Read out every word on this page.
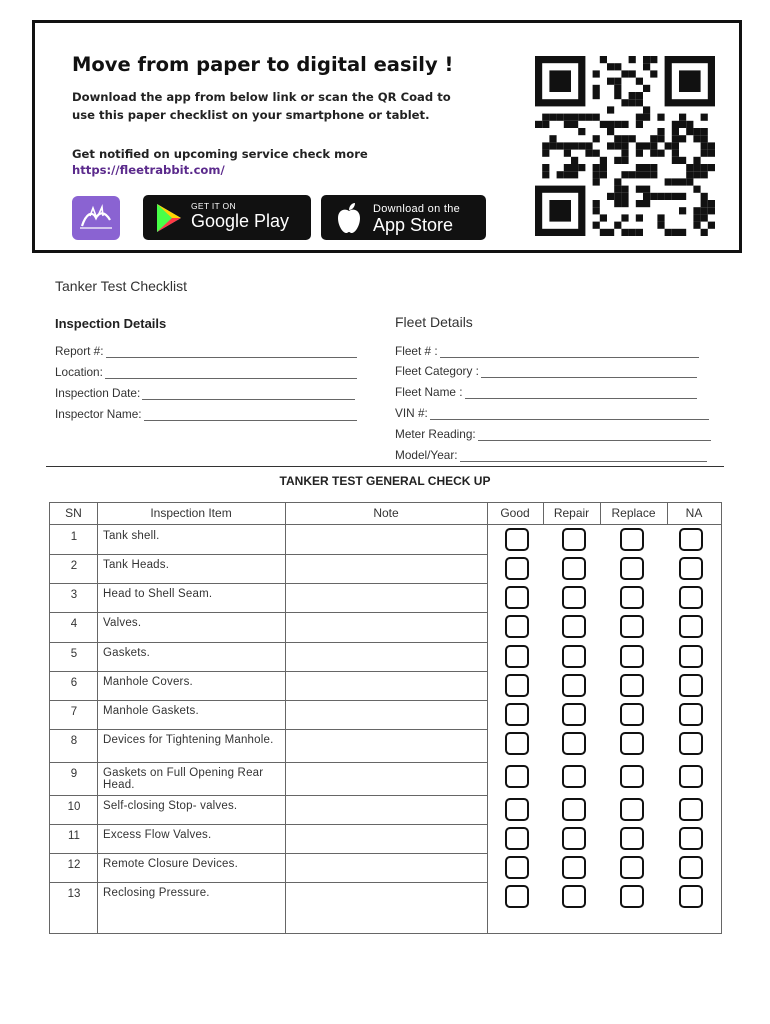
Move from paper to digital easily !
Download the app from below link or scan the QR Coad to use this paper checklist on your smartphone or tablet.
Get notified on upcoming service check more
https://fleetrabbit.com/
GET IT ON
Google Play
Download on the
App Store
Tanker Test Checklist
Inspection Details	Fleet Details
Report #:
Location:
Inspection Date:
Inspector Name:
Fleet # :
Fleet Category :
Fleet Name :
VIN #:
Meter Reading:
Model/Year:
TANKER TEST GENERAL CHECK UP
SN	Inspection Item	Note	Good	Repair	Replace	NA
1	Tank shell.
2	Tank Heads.
3	Head to Shell Seam.
4	Valves.
5	Gaskets.
6	Manhole Covers.
7	Manhole Gaskets.
8	Devices for Tightening Manhole.
9	Gaskets on Full Opening Rear Head.
10	Self-closing Stop- valves.
11	Excess Flow Valves.
12	Remote Closure Devices.
13	Reclosing Pressure.
